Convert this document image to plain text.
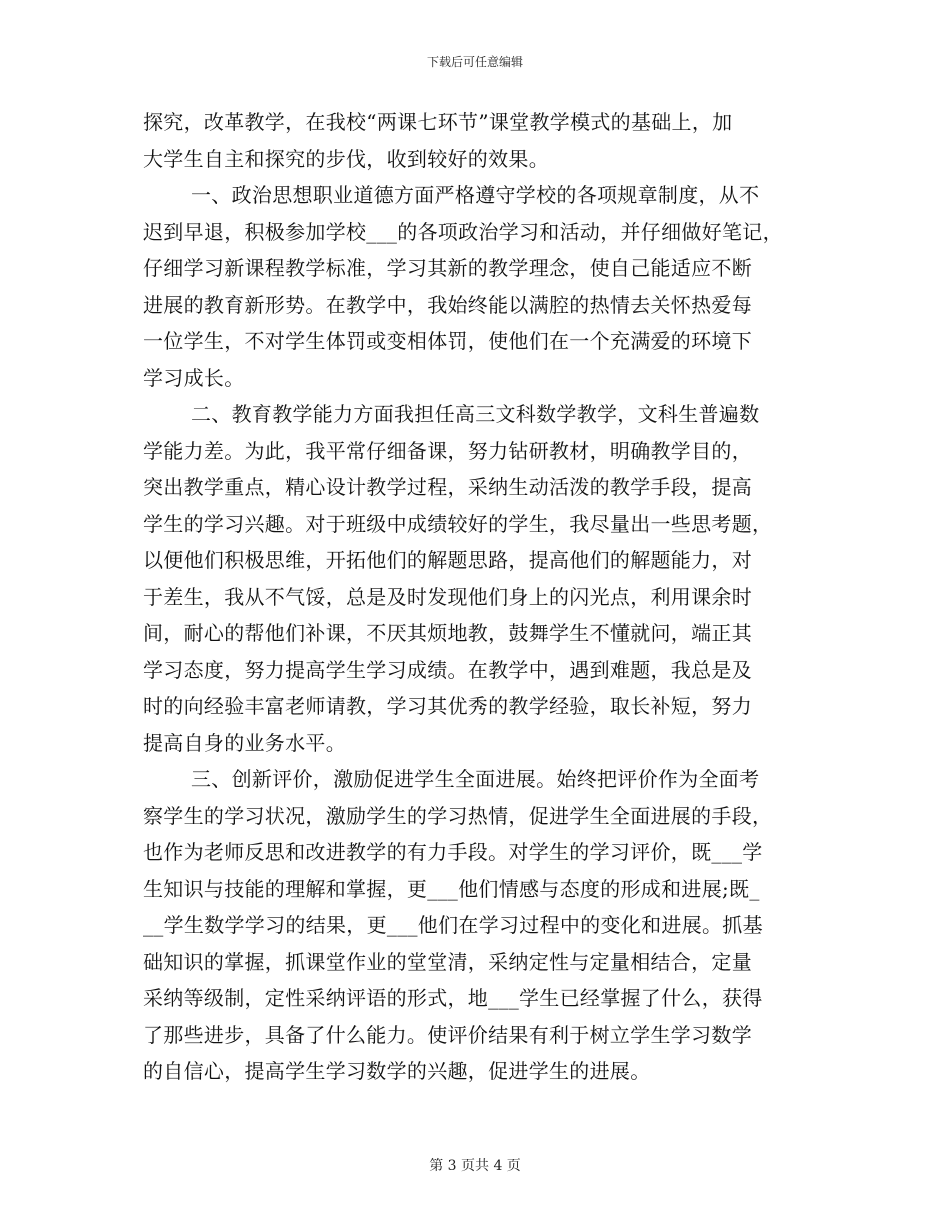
下载后可任意编辑
探究，改革教学，在我校“两课七环节”课堂教学模式的基础上，加
大学生自主和探究的步伐，收到较好的效果。
一、政治思想职业道德方面严格遵守学校的各项规章制度，从不
迟到早退，积极参加学校___的各项政治学习和活动，并仔细做好笔记，
仔细学习新课程教学标准，学习其新的教学理念，使自己能适应不断
进展的教育新形势。在教学中，我始终能以满腔的热情去关怀热爱每
一位学生，不对学生体罚或变相体罚，使他们在一个充满爱的环境下
学习成长。
二、教育教学能力方面我担任高三文科数学教学，文科生普遍数
学能力差。为此，我平常仔细备课，努力钻研教材，明确教学目的，
突出教学重点，精心设计教学过程，采纳生动活泼的教学手段，提高
学生的学习兴趣。对于班级中成绩较好的学生，我尽量出一些思考题，
以便他们积极思维，开拓他们的解题思路，提高他们的解题能力，对
于差生，我从不气馁，总是及时发现他们身上的闪光点，利用课余时
间，耐心的帮他们补课，不厌其烦地教，鼓舞学生不懂就问，端正其
学习态度，努力提高学生学习成绩。在教学中，遇到难题，我总是及
时的向经验丰富老师请教，学习其优秀的教学经验，取长补短，努力
提高自身的业务水平。
三、创新评价，激励促进学生全面进展。始终把评价作为全面考
察学生的学习状况，激励学生的学习热情，促进学生全面进展的手段，
也作为老师反思和改进教学的有力手段。对学生的学习评价，既___学
生知识与技能的理解和掌握，更___他们情感与态度的形成和进展;既_
__学生数学学习的结果，更___他们在学习过程中的变化和进展。抓基
础知识的掌握，抓课堂作业的堂堂清，采纳定性与定量相结合，定量
采纳等级制，定性采纳评语的形式，地___学生已经掌握了什么，获得
了那些进步，具备了什么能力。使评价结果有利于树立学生学习数学
的自信心，提高学生学习数学的兴趣，促进学生的进展。
第 3 页共 4 页
